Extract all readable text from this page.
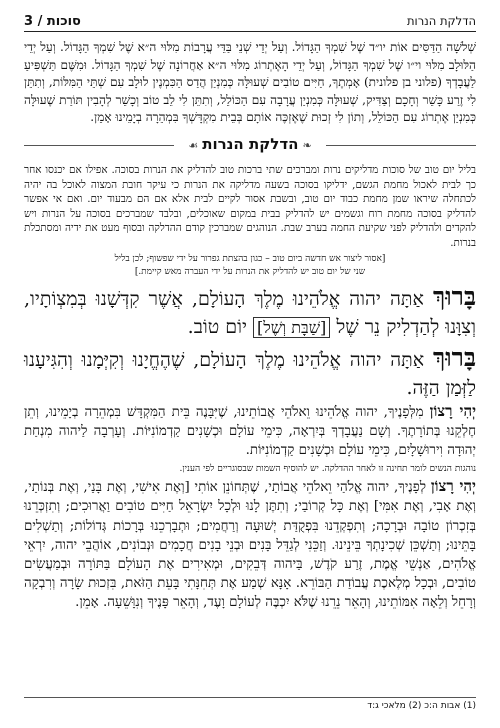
הדלקת הנרות
3 / סוכות

שְׁלשָׁה הַדַּסִּים אוֹת יו״ד שֶׁל שִׁמְךָ הַגָּדוֹל. וְעַל יְדֵי שְׁנֵי בַּדֵּי עֲרָבוֹת מִלּוּי ה״א שֶׁל שִׁמְךָ הַגָּדוֹל. וְעַל יְדֵי הַלּוּלָב מִלּוּי וי״ו שֶׁל שִׁמְךָ הַגָּדוֹל, וְעַל יְדֵי הָאֶתְרוֹג מִלּוּי ה״א אַחֲרוֹנָה שֶׁל שִׁמְךָ הַגָּדוֹל. וּמִשֶּׁם תַּשְׁפִּיעַ לַעֲבָדְךָ (פלוני בן פלונית) אָמְתֶךָ, חַיִּים טוֹבִים שְׁעוּלָּה כְּמִנְיַן הֲדַס הַכִּמְנֶין לוּלָב עִם שְׁתֵּי הַמִּלּוֹת, וְתִתֵּן לִי זֶרַע כָּשֵׁר וְחָכָם וְצַדִּיק, שְׁעוּלָּה כְּמִנְיַן עֲרָבָה עִם הַכּוֹלֵל, וְתִתֵּן לִי לֵב טוֹב וְכָשֵׁר לְהָבִין תּוֹרַת שֶׁעוּלָּה כְּמִנְיַן אֶתְרוֹג עִם הַכּוֹלֵל, וְתוֹן לִי זְכוּת שֶׁאֶזְכֶּה אוֹתָם בְּבֵית מִקְדָּשְׁךָ בִּמְהֵרָה בְיָמֵינוּ אָמֵן.

❧הדלקת הנרות☙

בליל יום טוב של סוכות מדליקים נרות ומברכים שתי ברכות טוב להדליק את הנרות בסוכה. אפילו אם יכנסו אחר כך לבית לאכול מחמת הגשם, ידליקו בסוכה בשעה מדליקה את הנרות כי עיקר חובת המצוה לאוכל בה יהיה לכתחלה שיראו שמן מחמת כבוד יום טוב, ובשבת אסור לקיים לבית אלא אם הם מבעוד יום. ואם אי אפשר להדליק בסוכה מחמת רוח וגשמים יש להדליק בבית במקום שאוכלים, ובלבד שמברכים בסוכה על הנרות ויש להקדים ולהדליק לפני שקיעת החמה בערב שבת. הנוהגים שמברכין קודם ההדלקה ובסוף מעט את ידיה ומסתכלת בנרות.

[אסור ליצור אש חדשה ביום טוב – כגון בהצתת גפרור על ידי שפשוף; לכן בליל
שני של יום טוב יש להדליק את הנרות על ידי העברה מאש קיימת.]

בָּרוּךְ אַתָּה יהוה אֱלֹהֵינוּ מֶלֶךְ הָעוֹלָם, אֲשֶׁר קִדְּשָׁנוּ בְּמִצְוֹתָיו, וְצִוָּנוּ לְהַדְלִיק נֵר שֶׁל [שַׁבָּת וְשֶׁל] יוֹם טוֹב.

בָּרוּךְ אַתָּה יהוה אֱלֹהֵינוּ מֶלֶךְ הָעוֹלָם, שֶׁהֶחֱיָנוּ וְקִיְּמָנוּ וְהִגִּיעָנוּ לַזְּמַן הַזֶּה.

יְהִי רָצוֹן מִלְּפָנֶיךָ, יהוה אֱלֹהֵינוּ וֵאלֹהֵי אֲבוֹתֵינוּ, שֶׁיִּבָּנֶה בֵּית הַמִּקְדָּשׁ בִּמְהֵרָה בְיָמֵינוּ, וְתֵן חֶלְקֵנוּ בְּתוֹרָתֶךָ. וְשָׁם נַעֲבָדְךָ בְּיִרְאָה, כִּימֵי עוֹלָם וּכְשָׁנִים קַדְמוֹנִיּוֹת. וְעָרְבָה לַיהוה מִנְחַת יְהוּדָה וִירוּשָׁלָיִם, כִּימֵי עוֹלָם וּכְשָׁנִים קַדְמוֹנִיּוֹת.

נוהגות הנשים לומר תחינה זו לאחר ההדלקה. יש להוסיף השמות שבסוגריים לפי הענין.

יְהִי רָצוֹן לְפָנֶיךָ, יהוה אֱלֹהַי וֵאלֹהֵי אֲבוֹתַי, שֶׁתְּחוֹנֵן אוֹתִי [וְאֶת אִישִׁי, וְאֶת בָּנַי, וְאֶת בְּנוֹתַי, וְאֶת אָבִי, וְאֶת אִמִּי] וְאֶת כָּל קְרוֹבַי; וְתִתֶּן לָנוּ וּלְכָל יִשְׂרָאֵל חַיִּים טוֹבִים וַאֲרוּכִים; וְתִזְכְּרֵנוּ בְּזִכְרוֹן טוֹבָה וּבְרָכָה; וְתִפְקְדֵנוּ בִּפְקֻדַּת יְשׁוּעָה וְרַחֲמִים; וּתְבָרְכֵנוּ בְּרָכוֹת גְּדוֹלוֹת; וְתַשְׁלִים בָּתֵּינוּ; וְתַשְׁכֵּן שְׁכִינָתְךָ בֵּינֵינוּ. וְזַכֵּנִי לְגַדֵּל בָּנִים וּבְנֵי בָנִים חֲכָמִים וּנְבוֹנִים, אוֹהֲבֵי יהוה, יִרְאֵי אֱלֹהִים, אַנְשֵׁי אֱמֶת, זֶרַע קֹדֶשׁ, בַּיהוה דְּבֵקִים, וּמְאִירִים אֶת הָעוֹלָם בַּתּוֹרָה וּבְמַעֲשִׂים טוֹבִים, וּבְכָל מְלֶאכֶת עֲבוֹדַת הַבּוֹרֵא. אָנָּא שְׁמַע אֶת תְּחִנָּתִי בָּעֵת הַזֹּאת, בִּזְכוּת שָׂרָה וְרִבְקָה וְרָחֵל וְלֵאָה אִמּוֹתֵינוּ, וְהָאֵר נֵרֵנוּ שֶׁלֹּא יִכְבֶּה לְעוֹלָם וָעֶד, וְהָאֵר פָּנֶיךָ וְנִוָּשֵׁעָה. אָמֵן.

(1) אבות ה:כ (2) מלאכי ג:ד
